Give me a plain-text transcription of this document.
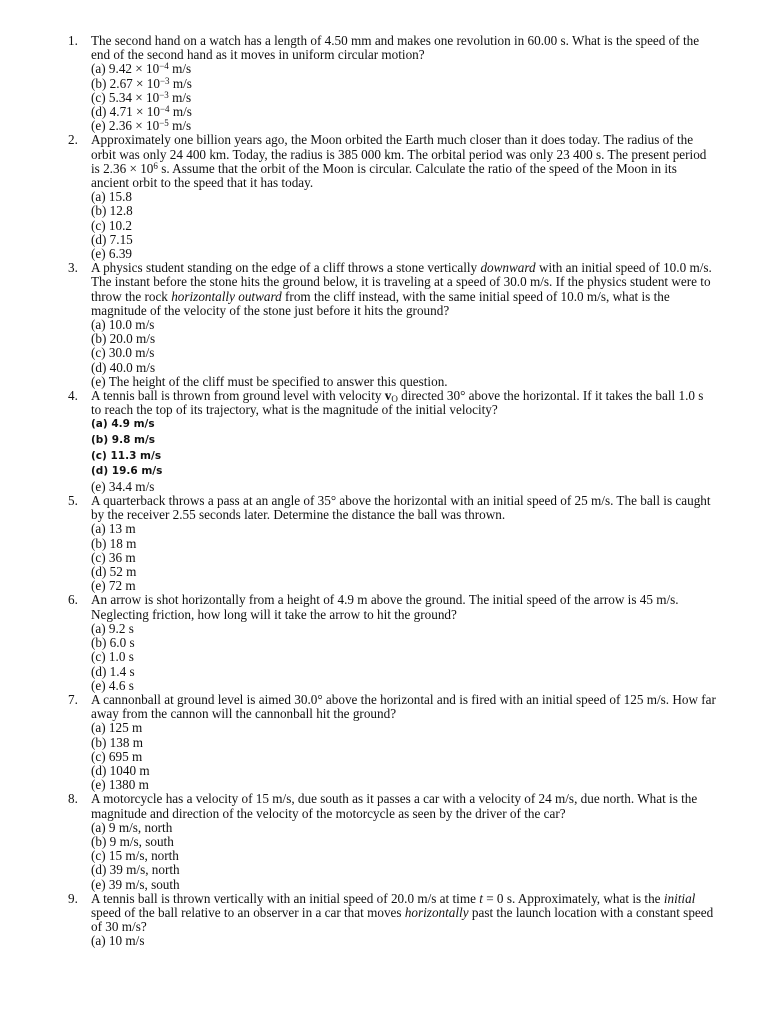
1. The second hand on a watch has a length of 4.50 mm and makes one revolution in 60.00 s. What is the speed of the end of the second hand as it moves in uniform circular motion?
(a) $9.42 \times 10^{-4}$ m/s
(b) $2.67 \times 10^{-3}$ m/s
(c) $5.34 \times 10^{-3}$ m/s
(d) $4.71 \times 10^{-4}$ m/s
(e) $2.36 \times 10^{-5}$ m/s
2. Approximately one billion years ago, the Moon orbited the Earth much closer than it does today. The radius of the orbit was only 24 400 km. Today, the radius is 385 000 km. The orbital period was only 23 400 s. The present period is $2.36 \times 10^6$ s. Assume that the orbit of the Moon is circular. Calculate the ratio of the speed of the Moon in its ancient orbit to the speed that it has today.
(a) 15.8
(b) 12.8
(c) 10.2
(d) 7.15
(e) 6.39
3. A physics student standing on the edge of a cliff throws a stone vertically downward with an initial speed of 10.0 m/s. The instant before the stone hits the ground below, it is traveling at a speed of 30.0 m/s. If the physics student were to throw the rock horizontally outward from the cliff instead, with the same initial speed of 10.0 m/s, what is the magnitude of the velocity of the stone just before it hits the ground?
(a) 10.0 m/s
(b) 20.0 m/s
(c) 30.0 m/s
(d) 40.0 m/s
(e) The height of the cliff must be specified to answer this question.
4. A tennis ball is thrown from ground level with velocity $v_O$ directed 30° above the horizontal. If it takes the ball 1.0 s to reach the top of its trajectory, what is the magnitude of the initial velocity?
(a) 4.9 m/s
(b) 9.8 m/s
(c) 11.3 m/s
(d) 19.6 m/s
(e) 34.4 m/s
5. A quarterback throws a pass at an angle of 35° above the horizontal with an initial speed of 25 m/s. The ball is caught by the receiver 2.55 seconds later. Determine the distance the ball was thrown.
(a) 13 m
(b) 18 m
(c) 36 m
(d) 52 m
(e) 72 m
6. An arrow is shot horizontally from a height of 4.9 m above the ground. The initial speed of the arrow is 45 m/s. Neglecting friction, how long will it take the arrow to hit the ground?
(a) 9.2 s
(b) 6.0 s
(c) 1.0 s
(d) 1.4 s
(e) 4.6 s
7. A cannonball at ground level is aimed 30.0° above the horizontal and is fired with an initial speed of 125 m/s. How far away from the cannon will the cannonball hit the ground?
(a) 125 m
(b) 138 m
(c) 695 m
(d) 1040 m
(e) 1380 m
8. A motorcycle has a velocity of 15 m/s, due south as it passes a car with a velocity of 24 m/s, due north. What is the magnitude and direction of the velocity of the motorcycle as seen by the driver of the car?
(a) 9 m/s, north
(b) 9 m/s, south
(c) 15 m/s, north
(d) 39 m/s, north
(e) 39 m/s, south
9. A tennis ball is thrown vertically with an initial speed of 20.0 m/s at time t = 0 s. Approximately, what is the initial speed of the ball relative to an observer in a car that moves horizontally past the launch location with a constant speed of 30 m/s?
(a) 10 m/s
